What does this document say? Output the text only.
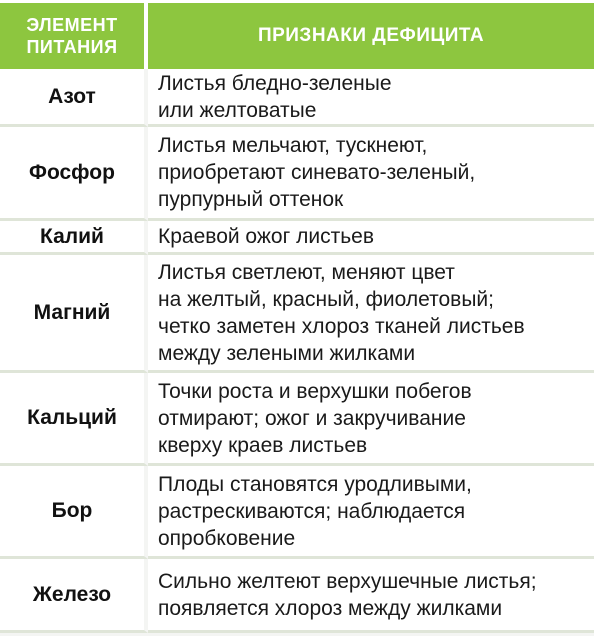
ЭЛЕМЕНТ ПИТАНИЯ
ПРИЗНАКИ ДЕФИЦИТА
Азот
Листья бледно-зеленые
или желтоватые
Фосфор
Листья мельчают, тускнеют,
приобретают синевато-зеленый,
пурпурный оттенок
Калий	Краевой ожог листьев
Магний
Листья светлеют, меняют цвет
на желтый, красный, фиолетовый;
четко заметен хлороз тканей листьев
между зелеными жилками
Кальций
Точки роста и верхушки побегов
отмирают; ожог и закручивание
кверху краев листьев
Бор
Плоды становятся уродливыми,
растрескиваются; наблюдается
опробковение
Железо
Сильно желтеют верхушечные листья;
появляется хлороз между жилками
